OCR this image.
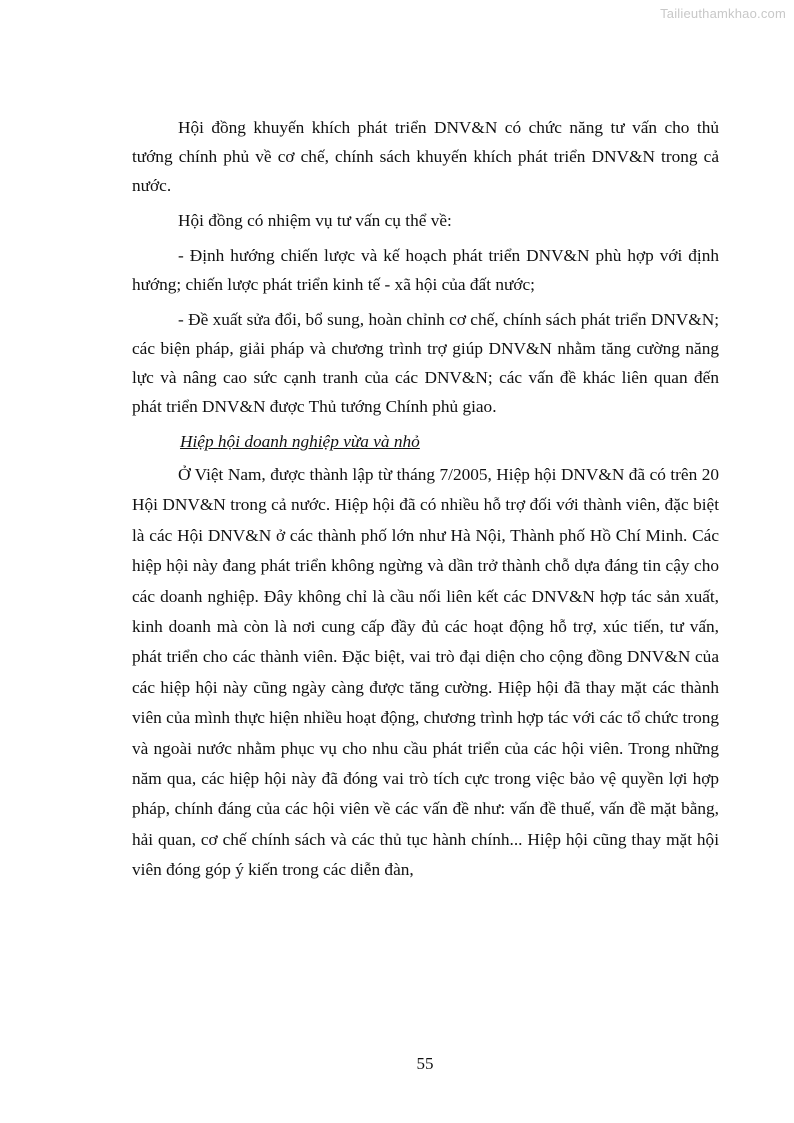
Tailieuthamkhao.com

Hội đồng khuyến khích phát triển DNV&N có chức năng tư vấn cho thủ tướng chính phủ về cơ chế, chính sách khuyến khích phát triển DNV&N trong cả nước.

Hội đồng có nhiệm vụ tư vấn cụ thể về:

- Định hướng chiến lược và kế hoạch phát triển DNV&N phù hợp với định hướng; chiến lược phát triển kinh tế - xã hội của đất nước;

- Đề xuất sửa đổi, bổ sung, hoàn chỉnh cơ chế, chính sách phát triển DNV&N; các biện pháp, giải pháp và chương trình trợ giúp DNV&N nhằm tăng cường năng lực và nâng cao sức cạnh tranh của các DNV&N; các vấn đề khác liên quan đến phát triển DNV&N được Thủ tướng Chính phủ giao.

Hiệp hội doanh nghiệp vừa và nhỏ

Ở Việt Nam, được thành lập từ tháng 7/2005, Hiệp hội DNV&N đã có trên 20 Hội DNV&N trong cả nước. Hiệp hội đã có nhiều hỗ trợ đối với thành viên, đặc biệt là các Hội DNV&N ở các thành phố lớn như Hà Nội, Thành phố Hồ Chí Minh. Các hiệp hội này đang phát triển không ngừng và dần trở thành chỗ dựa đáng tin cậy cho các doanh nghiệp. Đây không chỉ là cầu nối liên kết các DNV&N hợp tác sản xuất, kinh doanh mà còn là nơi cung cấp đầy đủ các hoạt động hỗ trợ, xúc tiến, tư vấn, phát triển cho các thành viên. Đặc biệt, vai trò đại diện cho cộng đồng DNV&N của các hiệp hội này cũng ngày càng được tăng cường. Hiệp hội đã thay mặt các thành viên của mình thực hiện nhiều hoạt động, chương trình hợp tác với các tổ chức trong và ngoài nước nhằm phục vụ cho nhu cầu phát triển của các hội viên. Trong những năm qua, các hiệp hội này đã đóng vai trò tích cực trong việc bảo vệ quyền lợi hợp pháp, chính đáng của các hội viên về các vấn đề như: vấn đề thuế, vấn đề mặt bằng, hải quan, cơ chế chính sách và các thủ tục hành chính... Hiệp hội cũng thay mặt hội viên đóng góp ý kiến trong các diễn đàn,

55
